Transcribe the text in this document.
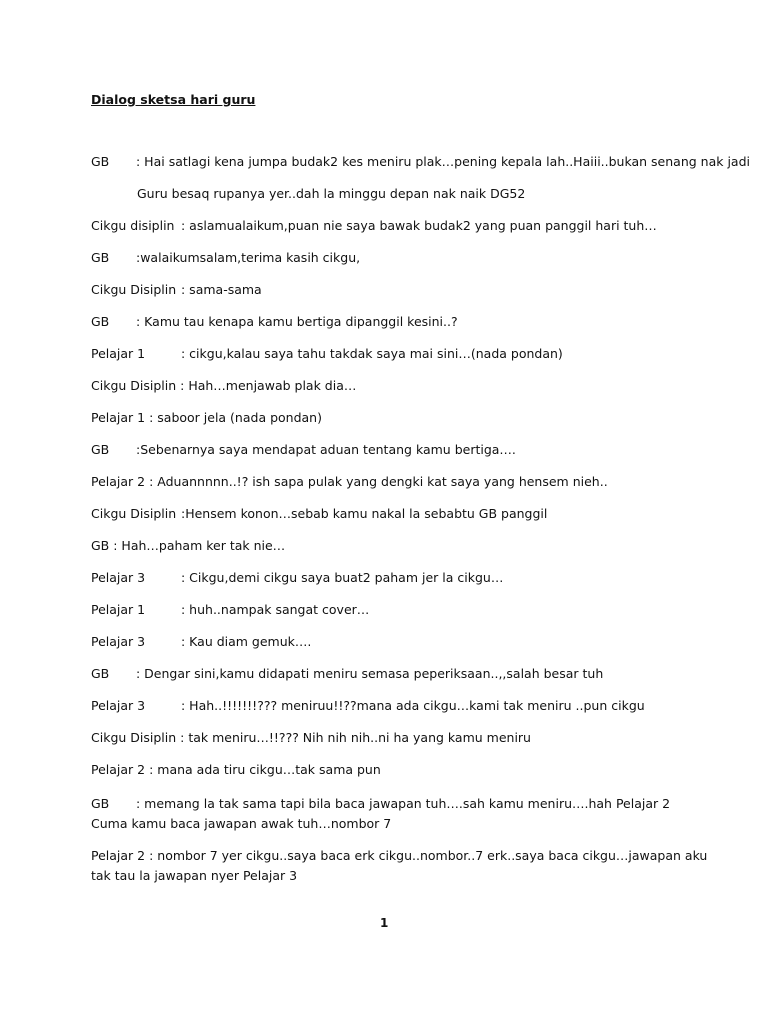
Dialog sketsa hari guru
GB : Hai satlagi kena jumpa budak2 kes meniru plak…pening kepala lah..Haiii..bukan senang nak jadi
Guru besaq rupanya yer..dah la minggu depan nak naik DG52
Cikgu disiplin : aslamualaikum,puan nie saya bawak budak2 yang puan panggil hari tuh…
GB :walaikumsalam,terima kasih cikgu,
Cikgu Disiplin : sama-sama
GB : Kamu tau kenapa kamu bertiga dipanggil kesini..?
Pelajar 1	: cikgu,kalau saya tahu takdak saya mai sini…(nada pondan)
Cikgu Disiplin : Hah…menjawab plak dia…
Pelajar 1 : saboor jela (nada pondan)
GB :Sebenarnya saya mendapat aduan tentang kamu bertiga….
Pelajar 2 : Aduannnnn..!? ish sapa pulak yang dengki kat saya yang hensem nieh..
Cikgu Disiplin :Hensem konon…sebab kamu nakal la sebabtu GB panggil
GB : Hah…paham ker tak nie…
Pelajar 3	: Cikgu,demi cikgu saya buat2 paham jer la cikgu…
Pelajar 1	: huh..nampak sangat cover…
Pelajar 3	: Kau diam gemuk….
GB : Dengar sini,kamu didapati meniru semasa peperiksaan..,,salah besar tuh
Pelajar 3	: Hah..!!!!!!!??? meniruu!!??mana ada cikgu…kami tak meniru ..pun cikgu
Cikgu Disiplin : tak meniru…!!??? Nih nih nih..ni ha yang kamu meniru
Pelajar 2 : mana ada tiru cikgu…tak sama pun
GB : memang la tak sama tapi bila baca jawapan tuh….sah kamu meniru….hah Pelajar 2 Cuma kamu baca jawapan awak tuh…nombor 7
Pelajar 2 : nombor 7 yer cikgu..saya baca erk cikgu..nombor..7 erk..saya baca cikgu…jawapan aku tak tau la jawapan nyer Pelajar 3
1
